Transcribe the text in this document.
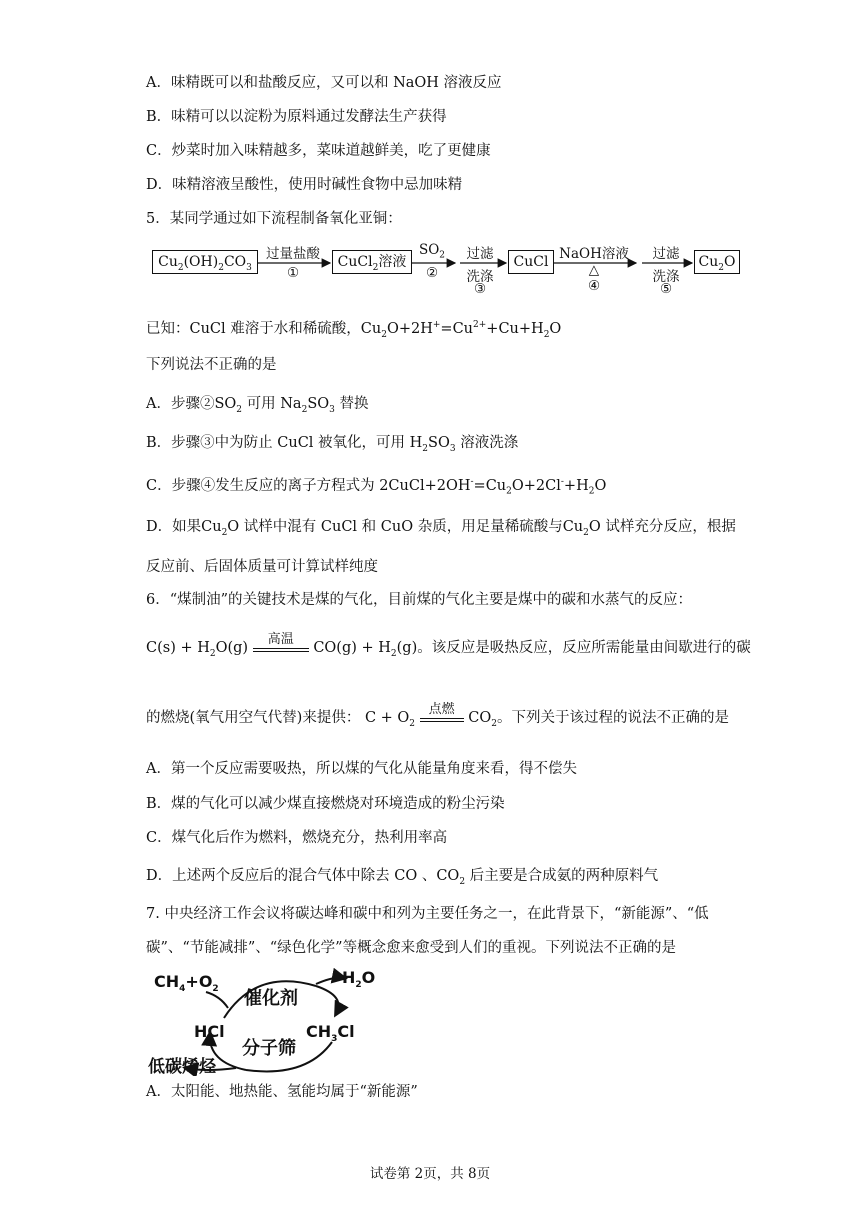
A．味精既可以和盐酸反应，又可以和 NaOH 溶液反应
B．味精可以以淀粉为原料通过发酵法生产获得
C．炒菜时加入味精越多，菜味道越鲜美，吃了更健康
D．味精溶液呈酸性，使用时碱性食物中忌加味精
5．某同学通过如下流程制备氧化亚铜：
$Cu_2(OH)_2CO_3$
过量盐酸
①
CuCl$_2$溶液
$SO_2$
②
过滤
洗涤
③
CuCl NaOH溶液
△
④
过滤
洗涤
⑤
$Cu_2O$
已知：CuCl 难溶于水和稀硫酸，$Cu_2O+2H^+=Cu^{2+}+Cu+H_2O$
下列说法不正确的是
A．步骤$②SO_2$ 可用 $Na_2SO_3$ 替换
B．步骤③中为防止 CuCl 被氧化，可用 $H_2SO_3$ 溶液洗涤
C．步骤④发生反应的离子方程式为 $2CuCl+2OH^-=Cu_2O+2Cl^-+H_2O$
D．如果$Cu_2O$ 试样中混有 CuCl 和 CuO 杂质，用足量稀硫酸与$Cu_2O$ 试样充分反应，根据
反应前、后固体质量可计算试样纯度
6．“煤制油”的关键技术是煤的气化，目前煤的气化主要是煤中的碳和水蒸气的反应：
$C(s) + H_2O(g)$
高温
$CO(g) + H_2(g)$。该反应是吸热反应，反应所需能量由间歇进行的碳
的燃烧(氧气用空气代替)来提供： $C + O_2$
点燃
$CO_2$。下列关于该过程的说法不正确的是
A．第一个反应需要吸热，所以煤的气化从能量角度来看，得不偿失
B．煤的气化可以减少煤直接燃烧对环境造成的粉尘污染
C．煤气化后作为燃料，燃烧充分，热利用率高
D．上述两个反应后的混合气体中除去 CO 、$CO_2$ 后主要是合成氨的两种原料气
7. 中央经济工作会议将碳达峰和碳中和列为主要任务之一，在此背景下，“新能源”、“低
碳”、“节能减排”、“绿色化学”等概念愈来愈受到人们的重视。下列说法不正确的是
$CH_4+O_2$ 催化剂
$H_2O$
HCl	$CH_3Cl$
分子筛
低碳烯烃
A．太阳能、地热能、氢能均属于“新能源”
试卷第 2页，共 8页
